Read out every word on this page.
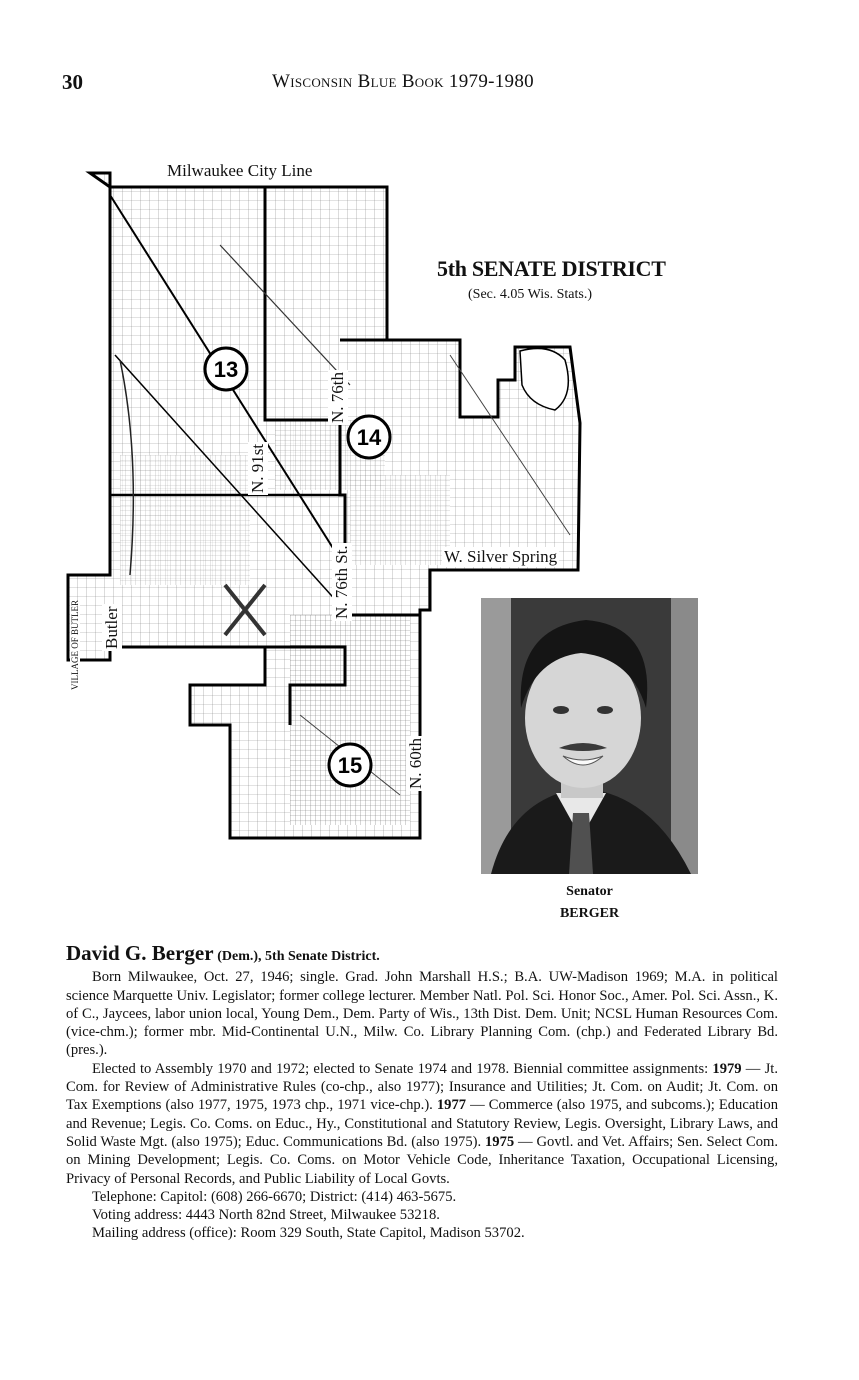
30	Wisconsin Blue Book 1979-1980
13
14
15
Milwaukee City Line
W. Silver Spring
N. 76th
N. 91st
N. 76th St.
N. 60th
Butler
VILLAGE OF BUTLER
5th SENATE DISTRICT
(Sec. 4.05 Wis. Stats.)
Senator
BERGER
David G. Berger (Dem.), 5th Senate District.

Born Milwaukee, Oct. 27, 1946; single. Grad. John Marshall H.S.; B.A. UW-Madison 1969; M.A. in political science Marquette Univ. Legislator; former college lecturer. Member Natl. Pol. Sci. Honor Soc., Amer. Pol. Sci. Assn., K. of C., Jaycees, labor union local, Young Dem., Dem. Party of Wis., 13th Dist. Dem. Unit; NCSL Human Resources Com. (vice-chm.); former mbr. Mid-Continental U.N., Milw. Co. Library Planning Com. (chp.) and Federated Library Bd. (pres.).

Elected to Assembly 1970 and 1972; elected to Senate 1974 and 1978. Biennial committee assignments: 1979 — Jt. Com. for Review of Administrative Rules (co-chp., also 1977); Insurance and Utilities; Jt. Com. on Audit; Jt. Com. on Tax Exemptions (also 1977, 1975, 1973 chp., 1971 vice-chp.). 1977 — Commerce (also 1975, and subcoms.); Education and Revenue; Legis. Co. Coms. on Educ., Hy., Constitutional and Statutory Review, Legis. Oversight, Library Laws, and Solid Waste Mgt. (also 1975); Educ. Communications Bd. (also 1975). 1975 — Govtl. and Vet. Affairs; Sen. Select Com. on Mining Development; Legis. Co. Coms. on Motor Vehicle Code, Inheritance Taxation, Occupational Licensing, Privacy of Personal Records, and Public Liability of Local Govts.

Telephone: Capitol: (608) 266-6670; District: (414) 463-5675.

Voting address: 4443 North 82nd Street, Milwaukee 53218.

Mailing address (office): Room 329 South, State Capitol, Madison 53702.
